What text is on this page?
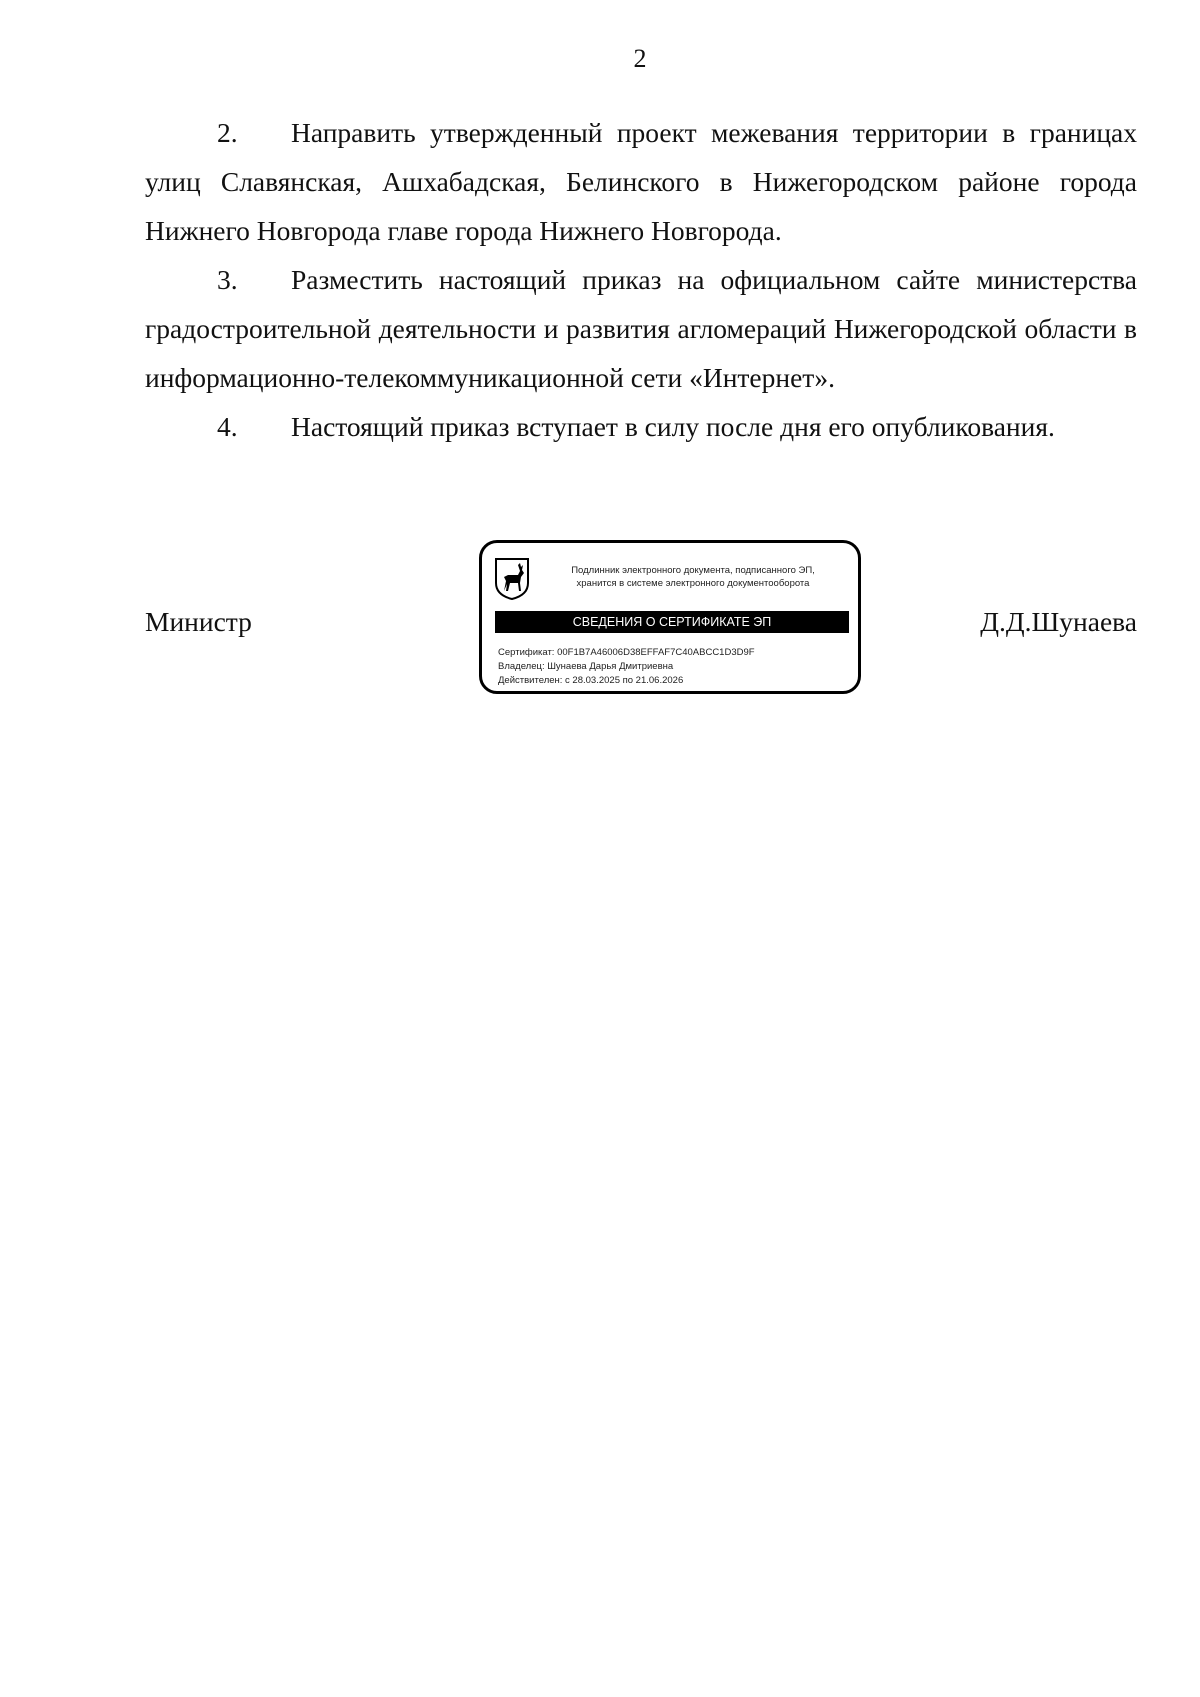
2

2. Направить утвержденный проект межевания территории в границах улиц Славянская, Ашхабадская, Белинского в Нижегородском районе города Нижнего Новгорода главе города Нижнего Новгорода.

3. Разместить настоящий приказ на официальном сайте министерства градостроительной деятельности и развития агломераций Нижегородской области в информационно-телекоммуникационной сети «Интернет».

4. Настоящий приказ вступает в силу после дня его опубликования.

Министр	Д.Д.Шунаева
Подлинник электронного документа, подписанного ЭП,
хранится в системе электронного документооборота
СВЕДЕНИЯ О СЕРТИФИКАТЕ ЭП
Сертификат: 00F1B7A46006D38EFFAF7C40ABCC1D3D9F
Владелец: Шунаева Дарья Дмитриевна
Действителен: с 28.03.2025 по 21.06.2026
